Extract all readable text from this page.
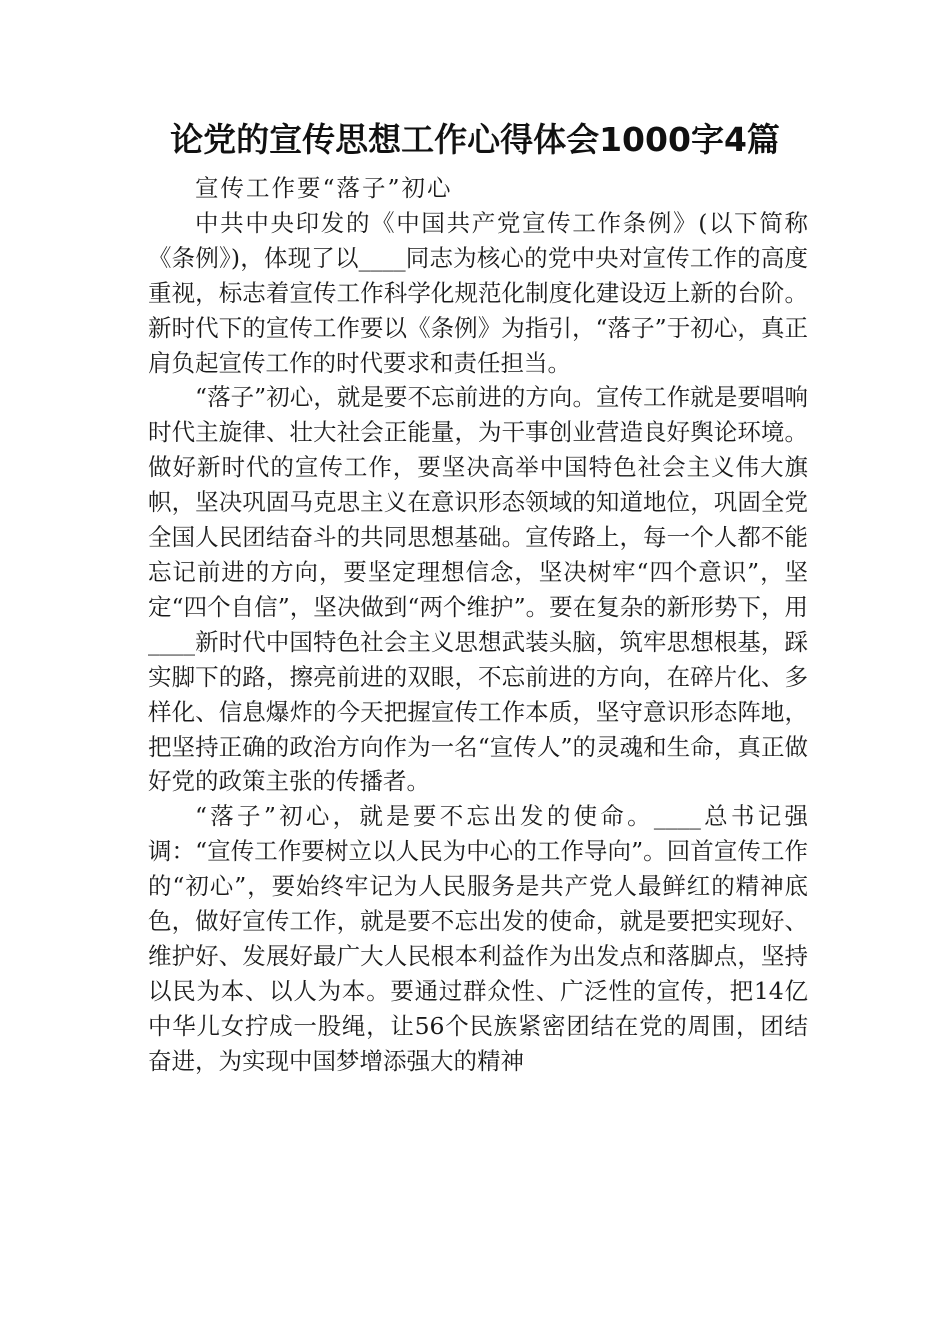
论党的宣传思想工作心得体会1000字4篇

宣传工作要“落子”初心

中共中央印发的《中国共产党宣传工作条例》(以下简称《条例》)，体现了以____同志为核心的党中央对宣传工作的高度重视，标志着宣传工作科学化规范化制度化建设迈上新的台阶。新时代下的宣传工作要以《条例》为指引，“落子”于初心，真正肩负起宣传工作的时代要求和责任担当。

“落子”初心，就是要不忘前进的方向。宣传工作就是要唱响时代主旋律、壮大社会正能量，为干事创业营造良好舆论环境。做好新时代的宣传工作，要坚决高举中国特色社会主义伟大旗帜，坚决巩固马克思主义在意识形态领域的知道地位，巩固全党全国人民团结奋斗的共同思想基础。宣传路上，每一个人都不能忘记前进的方向，要坚定理想信念，坚决树牢“四个意识”，坚定“四个自信”，坚决做到“两个维护”。要在复杂的新形势下，用____新时代中国特色社会主义思想武装头脑，筑牢思想根基，踩实脚下的路，擦亮前进的双眼，不忘前进的方向，在碎片化、多样化、信息爆炸的今天把握宣传工作本质，坚守意识形态阵地，把坚持正确的政治方向作为一名“宣传人”的灵魂和生命，真正做好党的政策主张的传播者。

“落子”初心，就是要不忘出发的使命。____总书记强调：“宣传工作要树立以人民为中心的工作导向”。回首宣传工作的“初心”，要始终牢记为人民服务是共产党人最鲜红的精神底色，做好宣传工作，就是要不忘出发的使命，就是要把实现好、维护好、发展好最广大人民根本利益作为出发点和落脚点，坚持以民为本、以人为本。要通过群众性、广泛性的宣传，把14亿中华儿女拧成一股绳，让56个民族紧密团结在党的周围，团结奋进，为实现中国梦增添强大的精神
